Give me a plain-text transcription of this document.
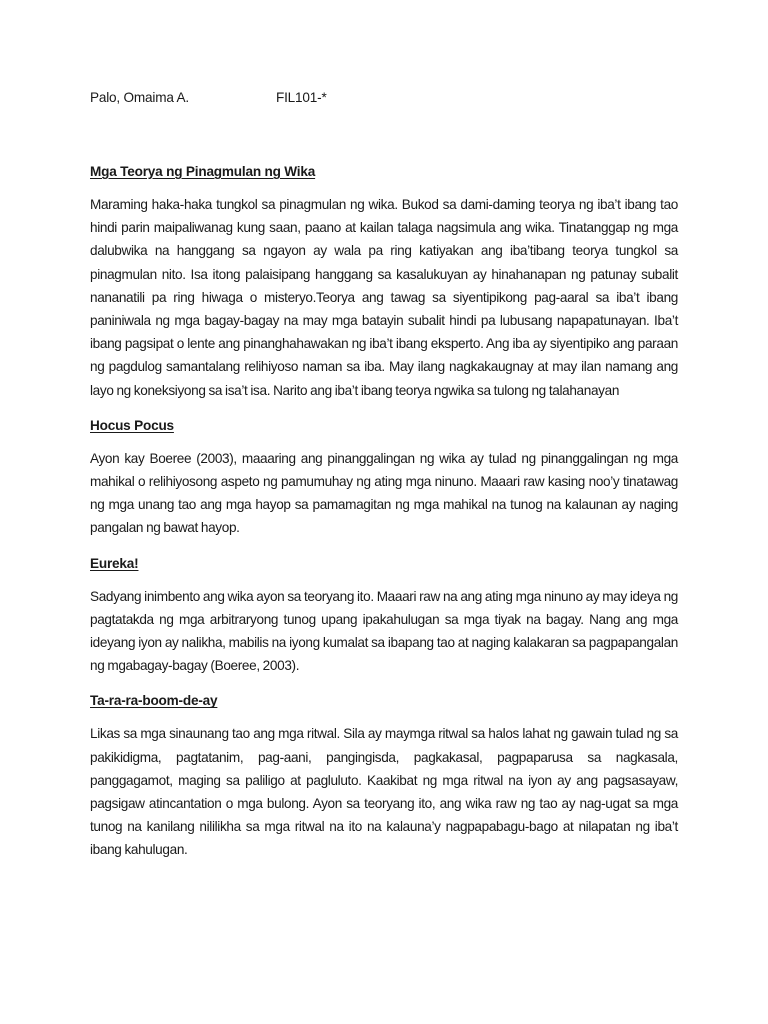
Palo, Omaima A.	FIL101-*
Mga Teorya ng Pinagmulan ng Wika

Maraming haka-haka tungkol sa pinagmulan ng wika. Bukod sa dami-daming teorya ng iba’t ibang tao hindi parin maipaliwanag kung saan, paano at kailan talaga nagsimula ang wika. Tinatanggap ng mga dalubwika na hanggang sa ngayon ay wala pa ring katiyakan ang iba’tibang teorya tungkol sa pinagmulan nito. Isa itong palaisipang hanggang sa kasalukuyan ay hinahanapan ng patunay subalit nananatili pa ring hiwaga o misteryo.Teorya ang tawag sa siyentipikong pag-aaral sa iba’t ibang paniniwala ng mga bagay-bagay na may mga batayin subalit hindi pa lubusang napapatunayan. Iba’t ibang pagsipat o lente ang pinanghahawakan ng iba’t ibang eksperto. Ang iba ay siyentipiko ang paraan ng pagdulog samantalang relihiyoso naman sa iba. May ilang nagkakaugnay at may ilan namang ang layo ng koneksiyong sa isa’t isa. Narito ang iba’t ibang teorya ngwika sa tulong ng talahanayan

Hocus Pocus

Ayon kay Boeree (2003), maaaring ang pinanggalingan ng wika ay tulad ng pinanggalingan ng mga mahikal o relihiyosong aspeto ng pamumuhay ng ating mga ninuno. Maaari raw kasing noo’y tinatawag ng mga unang tao ang mga hayop sa pamamagitan ng mga mahikal na tunog na kalaunan ay naging pangalan ng bawat hayop.

Eureka!

Sadyang inimbento ang wika ayon sa teoryang ito. Maaari raw na ang ating mga ninuno ay may ideya ng pagtatakda ng mga arbitraryong tunog upang ipakahulugan sa mga tiyak na bagay. Nang ang mga ideyang iyon ay nalikha, mabilis na iyong kumalat sa ibapang tao at naging kalakaran sa pagpapangalan ng mgabagay-bagay (Boeree, 2003).

Ta-ra-ra-boom-de-ay

Likas sa mga sinaunang tao ang mga ritwal. Sila ay maymga ritwal sa halos lahat ng gawain tulad ng sa pakikidigma, pagtatanim, pag-aani, pangingisda, pagkakasal, pagpaparusa sa nagkasala, panggagamot, maging sa paliligo at pagluluto. Kaakibat ng mga ritwal na iyon ay ang pagsasayaw, pagsigaw atincantation o mga bulong. Ayon sa teoryang ito, ang wika raw ng tao ay nag-ugat sa mga tunog na kanilang nililikha sa mga ritwal na ito na kalauna’y nagpapabagu-bago at nilapatan ng iba’t ibang kahulugan.
